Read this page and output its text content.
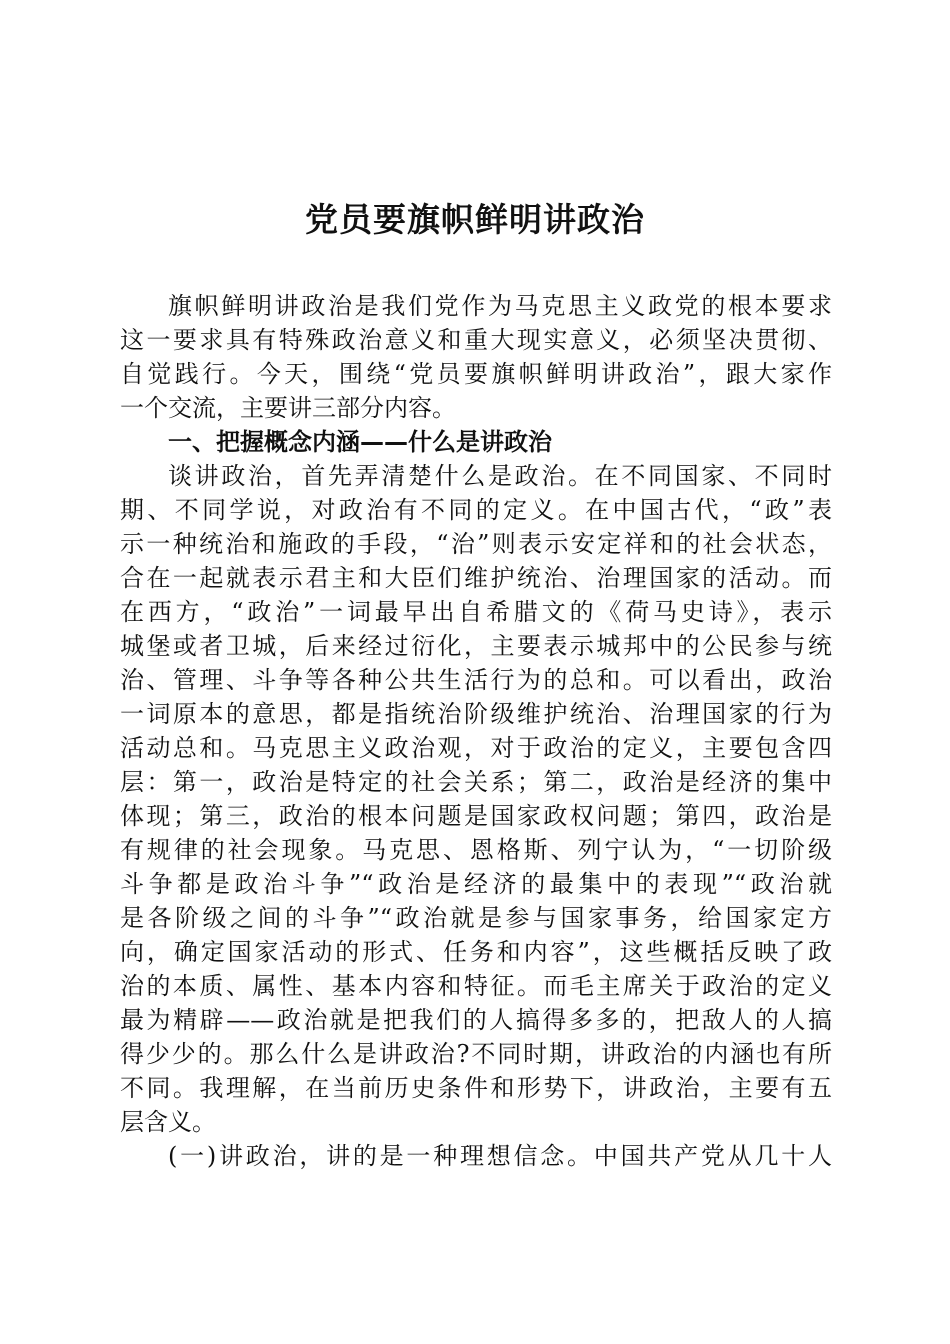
党员要旗帜鲜明讲政治
旗帜鲜明讲政治是我们党作为马克思主义政党的根本要求
这一要求具有特殊政治意义和重大现实意义，必须坚决贯彻、
自觉践行。今天，围绕“党员要旗帜鲜明讲政治”，跟大家作
一个交流，主要讲三部分内容。
一、把握概念内涵——什么是讲政治
谈讲政治，首先弄清楚什么是政治。在不同国家、不同时
期、不同学说，对政治有不同的定义。在中国古代，“政”表
示一种统治和施政的手段，“治”则表示安定祥和的社会状态，
合在一起就表示君主和大臣们维护统治、治理国家的活动。而
在西方，“政治”一词最早出自希腊文的《荷马史诗》，表示
城堡或者卫城，后来经过衍化，主要表示城邦中的公民参与统
治、管理、斗争等各种公共生活行为的总和。可以看出，政治
一词原本的意思，都是指统治阶级维护统治、治理国家的行为
活动总和。马克思主义政治观，对于政治的定义，主要包含四
层：第一，政治是特定的社会关系；第二，政治是经济的集中
体现；第三，政治的根本问题是国家政权问题；第四，政治是
有规律的社会现象。马克思、恩格斯、列宁认为，“一切阶级
斗争都是政治斗争”“政治是经济的最集中的表现”“政治就
是各阶级之间的斗争”“政治就是参与国家事务，给国家定方
向，确定国家活动的形式、任务和内容”，这些概括反映了政
治的本质、属性、基本内容和特征。而毛主席关于政治的定义
最为精辟——政治就是把我们的人搞得多多的，把敌人的人搞
得少少的。那么什么是讲政治?不同时期，讲政治的内涵也有所
不同。我理解，在当前历史条件和形势下，讲政治，主要有五
层含义。
(一)讲政治，讲的是一种理想信念。中国共产党从几十人
